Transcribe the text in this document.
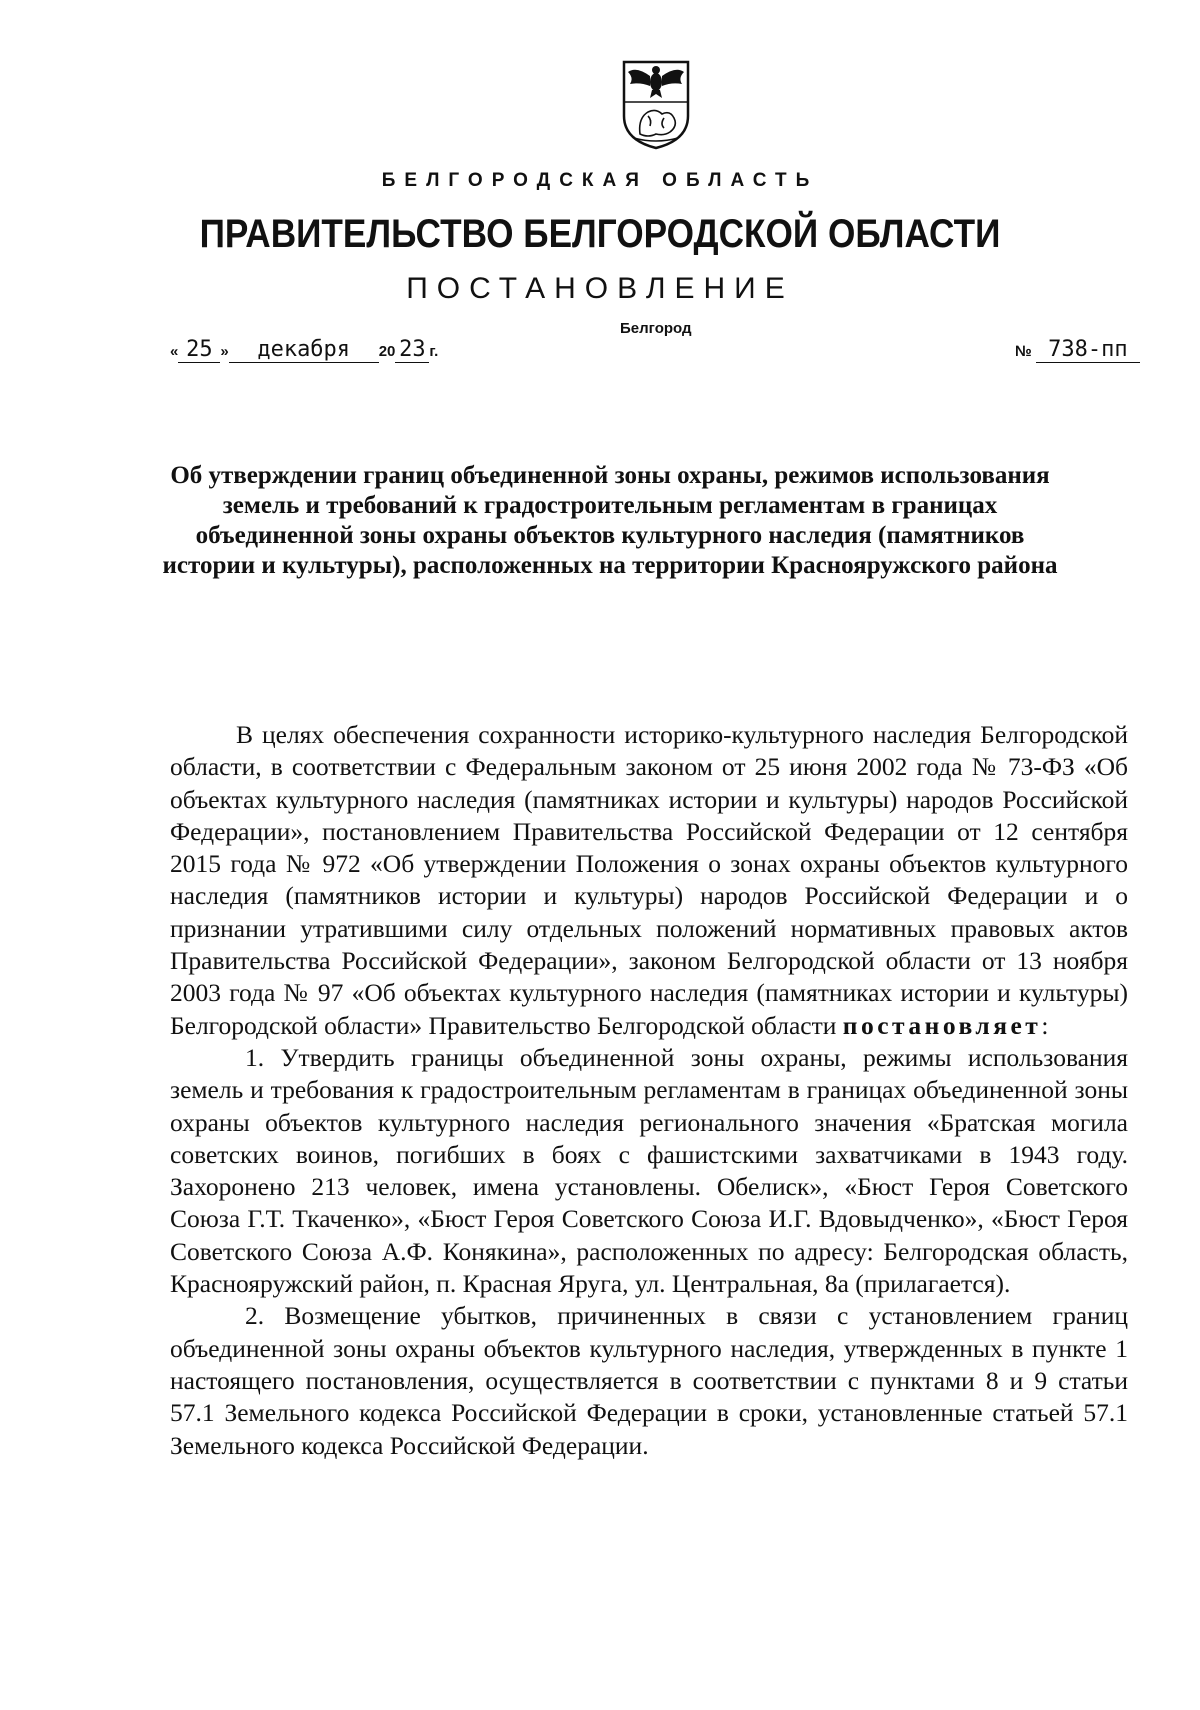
БЕЛГОРОДСКАЯ ОБЛАСТЬ
ПРАВИТЕЛЬСТВО БЕЛГОРОДСКОЙ ОБЛАСТИ
ПОСТАНОВЛЕНИЕ
Белгород
« 25 » декабря 20 23 г.	№ 738-пп
Об утверждении границ объединенной зоны охраны, режимов использования земель и требований к градостроительным регламентам в границах объединенной зоны охраны объектов культурного наследия (памятников истории и культуры), расположенных на территории Краснояружского района

В целях обеспечения сохранности историко-культурного наследия Белгородской области, в соответствии с Федеральным законом от 25 июня 2002 года № 73-ФЗ «Об объектах культурного наследия (памятниках истории и культуры) народов Российской Федерации», постановлением Правительства Российской Федерации от 12 сентября 2015 года № 972 «Об утверждении Положения о зонах охраны объектов культурного наследия (памятников истории и культуры) народов Российской Федерации и о признании утратившими силу отдельных положений нормативных правовых актов Правительства Российской Федерации», законом Белгородской области от 13 ноября 2003 года № 97 «Об объектах культурного наследия (памятниках истории и культуры) Белгородской области» Правительство Белгородской области постановляет:

1. Утвердить границы объединенной зоны охраны, режимы использования земель и требования к градостроительным регламентам в границах объединенной зоны охраны объектов культурного наследия регионального значения «Братская могила советских воинов, погибших в боях с фашистскими захватчиками в 1943 году. Захоронено 213 человек, имена установлены. Обелиск», «Бюст Героя Советского Союза Г.Т. Ткаченко», «Бюст Героя Советского Союза И.Г. Вдовыдченко», «Бюст Героя Советского Союза А.Ф. Конякина», расположенных по адресу: Белгородская область, Краснояружский район, п. Красная Яруга, ул. Центральная, 8а (прилагается).

2. Возмещение убытков, причиненных в связи с установлением границ объединенной зоны охраны объектов культурного наследия, утвержденных в пункте 1 настоящего постановления, осуществляется в соответствии с пунктами 8 и 9 статьи 57.1 Земельного кодекса Российской Федерации в сроки, установленные статьей 57.1 Земельного кодекса Российской Федерации.
